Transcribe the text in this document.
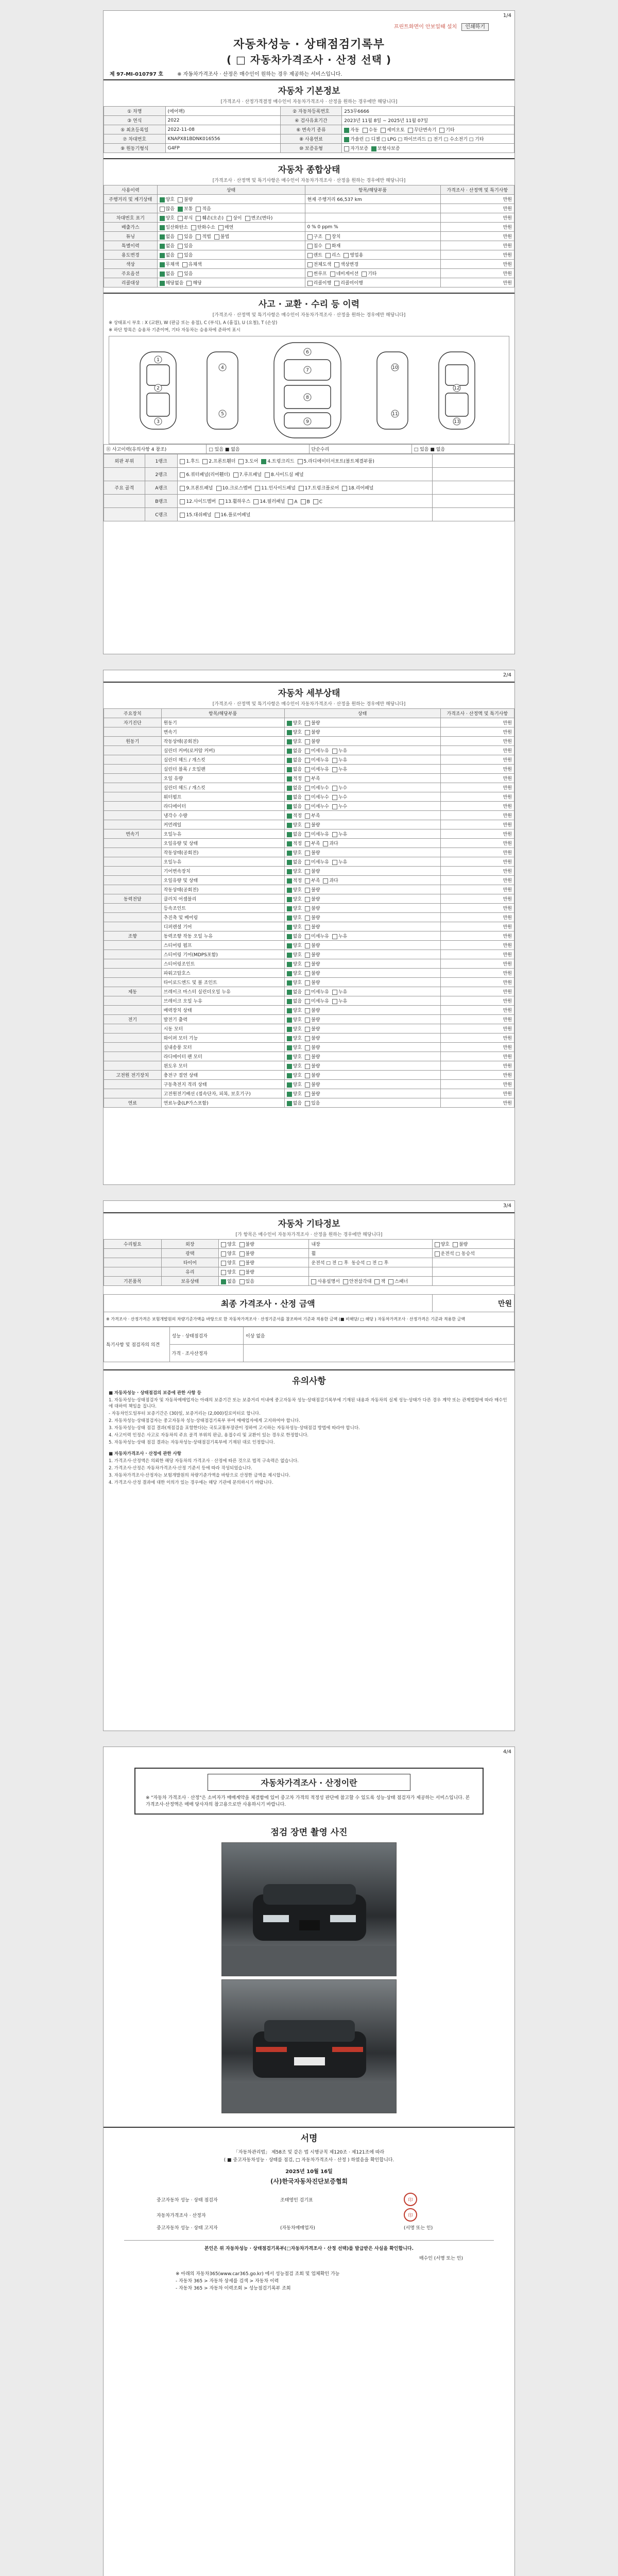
1/4
프린트화면이 안보일때 설치 인쇄하기
자동차성능 · 상태점검기록부
( □ 자동차가격조사 · 산정 선택 )
제 97-MI-010797 호	※ 자동차가격조사 · 산정은 매수인이 원하는 경우 제공하는 서비스입니다.
자동차 기본정보
[가격조사 · 산정가격결정 매수인이 자동차가격조사 · 산정을 원하는 경우에만 해당니다]
① 차명	(에어팩)	② 자동차등록번호	253무6666
③ 연식	2022	④ 검사유효기간	2023년 11월 8일 ~ 2025년 11월 07일
⑤ 최초등록일	2022-11-08	⑥ 변속기 종류	자동 수동 세미오토 무단변속기 기타
⑦ 차대번호	KNAPX81BDNK016556	⑧ 사용연료	가솔린 □ 디젤 □ LPG □ 하이브리드 □ 전기 □ 수소전기 □ 기타
⑨ 원동기형식	G4FP	⑩ 보증유형	자가보증 보험사보증
자동차 종합상태
[가격조사 · 산정액 및 특기사항은 매수인이 자동차가격조사 · 산정을 원하는 경우에만 해당니다]
사용이력	상태	항목/해당부품	가격조사 · 산정액 및 특기사항
주행거리 및 계기상태	양호 불량	현재 주행거리 66,537 km	만원
	많음 보통 적음		만원
차대번호 표기	양호 부식 훼손(오손) 상이 변조(변타)		만원
배출가스	일산화탄소 탄화수소 매연	0 % 0 ppm %	만원
튜닝	없음 있음 적법 불법	구조 장치	만원
특별이력	없음 있음	침수 화재	만원
용도변경	없음 있음	렌트 리스 영업용	만원
색상	무채색 유채색	전체도색 색상변경	만원
주요옵션	없음 있음	썬루프 네비게이션 기타	만원
리콜대상	해당없음 해당	리콜이행 리콜미이행	만원
사고 · 교환 · 수리 등 이력
[가격조사 · 산정액 및 특기사항은 매수인이 자동차가격조사 · 산정을 원하는 경우에만 해당니다]
※ 상태표시 부호 : X (교환), W (판금 또는 용접), C (부식), A (흠집), U (요철), T (손상)
※ 하단 항목은 승용차 기준이며, 기타 자동차는 승용차에 준하여 표시
1
2
3
4
5
6
7
8
9
10
11
12
13
⑪ 사고이력(유의사항 4 참조)	□ 있음 ■ 없음	단순수리	□ 있음 ■ 없음
외판 부위	1랭크	1.후드 2.프론트휀더 3.도어 4.트렁크리드 5.라디에이터서포트(볼트체결부품)	
	2랭크	6.쿼터패널(리어휀더) 7.루프패널 8.사이드실 패널	
주요 골격	A랭크	9.프론트패널 10.크로스멤버 11.인사이드패널 17.트렁크플로어 18.리어패널	
	B랭크	12.사이드멤버 13.휠하우스 14.필러패널 A B C	
	C랭크	15.대쉬패널 16.플로어패널	
2/4
자동차 세부상태
[가격조사 · 산정액 및 특기사항은 매수인이 자동차가격조사 · 산정을 원하는 경우에만 해당니다]
주요장치	항목/해당부품	상태	가격조사 · 산정액 및 특기사항
자기진단	원동기	양호 불량	만원
	변속기	양호 불량	만원
원동기	작동상태(공회전)	양호 불량	만원
	실린더 커버(로커암 커버)	없음 미세누유 누유	만원
	실린더 헤드 / 개스킷	없음 미세누유 누유	만원
	실린더 블록 / 오일팬	없음 미세누유 누유	만원
	오일 유량	적정 부족	만원
	실린더 헤드 / 개스킷	없음 미세누수 누수	만원
	워터펌프	없음 미세누수 누수	만원
	라디에이터	없음 미세누수 누수	만원
	냉각수 수량	적정 부족	만원
	커먼레일	양호 불량	만원
변속기	오일누유	없음 미세누유 누유	만원
	오일유량 및 상태	적정 부족 과다	만원
	작동상태(공회전)	양호 불량	만원
	오일누유	없음 미세누유 누유	만원
	기어변속장치	양호 불량	만원
	오일유량 및 상태	적정 부족 과다	만원
	작동상태(공회전)	양호 불량	만원
동력전달	클러치 어셈블리	양호 불량	만원
	등속조인트	양호 불량	만원
	추진축 및 베어링	양호 불량	만원
	디퍼렌셜 기어	양호 불량	만원
조향	동력조향 작동 오일 누유	없음 미세누유 누유	만원
	스티어링 펌프	양호 불량	만원
	스티어링 기어(MDPS포함)	양호 불량	만원
	스티어링조인트	양호 불량	만원
	파워고압호스	양호 불량	만원
	타이로드엔드 및 볼 조인트	양호 불량	만원
제동	브레이크 마스터 실린더오일 누유	없음 미세누유 누유	만원
	브레이크 오일 누유	없음 미세누유 누유	만원
	배력장치 상태	양호 불량	만원
전기	발전기 출력	양호 불량	만원
	시동 모터	양호 불량	만원
	와이퍼 모터 기능	양호 불량	만원
	실내송풍 모터	양호 불량	만원
	라디에이터 팬 모터	양호 불량	만원
	윈도우 모터	양호 불량	만원
고전원 전기장치	충전구 절연 상태	양호 불량	만원
	구동축전지 격리 상태	양호 불량	만원
	고전원전기배선 (접속단자, 피복, 보호기구)	양호 불량	만원
연료	연료누출(LP가스포함)	없음 있음	만원
3/4
자동차 기타정보
[가 항목은 매수인이 자동차가격조사 · 산정을 원하는 경우에만 해당니다]
수리필요	외장	양호 불량	내장	양호 불량
	광택	양호 불량	휠	운전석 □ 동승석
	타이어	양호 불량	운전석 □ 전 □ 후 동승석 □ 전 □ 후	
	유리	양호 불량		
기본품목	보유상태	없음 있음	사용설명서 안전삼각대 잭 스패너	
최종 가격조사 · 산정 금액	만원
※ 가격조사 · 산정가격은 보험개발원의 차량기준가액을 바탕으로 한 자동차가격조사 · 산정기준서를 참조하여 기준과 적용한 금액 (■ 비해당/ □ 해당 ) 자동차가격조사 · 산정가격은 기준과 적용한 금액
특기사항 및 점검자의 의견	성능 · 상태점검자	이상 없음
	가격 · 조사산정자	
유의사항
■ 자동차성능 · 상태점검의 보증에 관한 사항 등
1. 자동차성능·상태점검자 및 자동차매매업자는 아래의 보증기간 또는 보증거리 이내에 중고자동차 성능·상태점검기록부에 기재된 내용과 자동차의 실제 성능·상태가 다른 경우 계약 또는 관계법령에 따라 매수인에 대하여 책임을 집니다.
- 자동차인도일부터 보증기간은 (30)일, 보증거리는 (2,000)킬로미터로 합니다.
2. 자동차성능·상태점검자는 중고자동차 성능·상태점검기록부 부여 매매업자에게 고지하여야 합니다.
3. 자동차성능·상태 점검 결과(재점검을 포함한다)는 국토교통부장관이 정하여 고시하는 자동차성능·상태점검 방법에 따라야 합니다.
4. 사고이력 인정은 사고로 자동차의 주요 골격 부위의 판금, 용접수리 및 교환이 있는 경우로 한정합니다.
5. 자동차성능·상태 점검 결과는 자동차성능·상태점검기록부에 기재된 대로 인정합니다.
■ 자동차가격조사 · 산정에 관한 사항
1. 가격조사·산정액은 의뢰한 해당 자동차의 가격조사 · 산정에 따른 것으로 법적 구속력은 없습니다.
2. 가격조사·산정은 자동차가격조사·산정 기준서 등에 따라 작성되었습니다.
3. 자동차가격조사·산정자는 보험개발원의 차량기준가액을 바탕으로 산정한 금액을 제시합니다.
4. 가격조사·산정 결과에 대한 이의가 있는 경우에는 해당 기관에 문의하시기 바랍니다.
4/4
자동차가격조사 · 산정이란
※ "자동차 가격조사 · 산정"은 소비자가 매매계약을 체결함에 있어 중고차 가격의 적정성 판단에 참고할 수 있도록 성능·상태 점검자가 제공하는 서비스입니다. 본 가격조사·산정액은 매매 당사자의 참고용으로만 사용하시기 바랍니다.
점검 장면 촬영 사진
서명
「자동차관리법」 제58조 및 같은 법 시행규칙 제120조 · 제121조에 따라
( ■ 중고자동차성능 · 상태를 점검, □ 자동차가격조사 · 산정 ) 하였음을 확인합니다.
2025년 10월 16일
(사)한국자동차진단보증협회
중고자동차 성능 · 상태 점검자	조태영인 검기표	印

자동차가격조사 · 산정자		印

중고자동차 성능 · 상태 고지자	(자동차매매업자)	(서명 또는 인)
본인은 위 자동차성능 · 상태점검기록부(□자동차가격조사 · 산정 선택)를 발급받은 사실을 확인합니다.
매수인 (서명 또는 인)
※ 아래의 자동차365(www.car365.go.kr) 에서 성능점검 조회 및 업체확인 가능
- 자동차 365 > 자동차 상세를 검색 > 자동차 이력
- 자동차 365 > 자동차 이력조회 > 성능점검기록부 조회
